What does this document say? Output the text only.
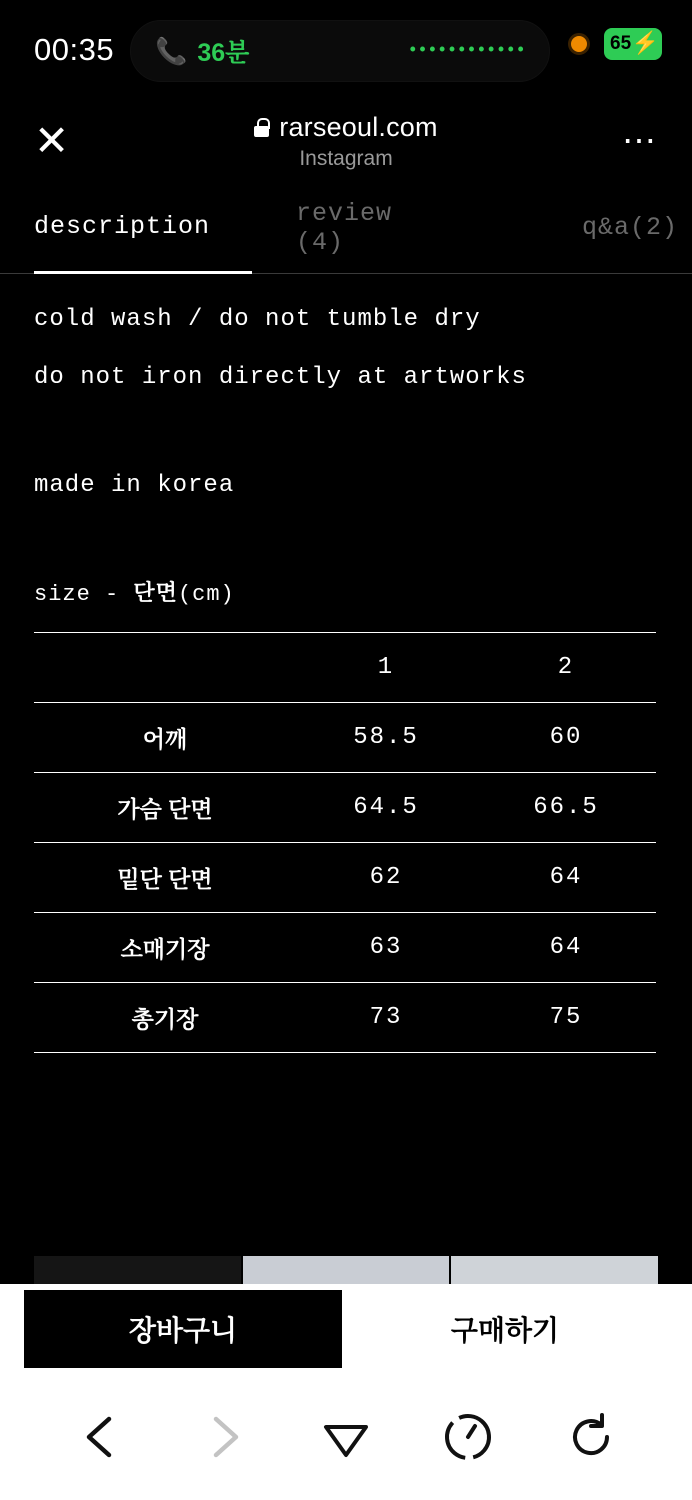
00:35 📞 36분	••••••••••••	65 ⚡
✕	rarseoul.com
Instagram	⋯
description	review (4)	q&a(2)

cold wash / do not tumble dry

do not iron directly at artworks

made in korea

size - 단면(cm)

	1	2
어깨	58.5	60
가슴 단면	64.5	66.5
밑단 단면	62	64
소매기장	63	64
총기장	73	75
장바구니	구매하기
